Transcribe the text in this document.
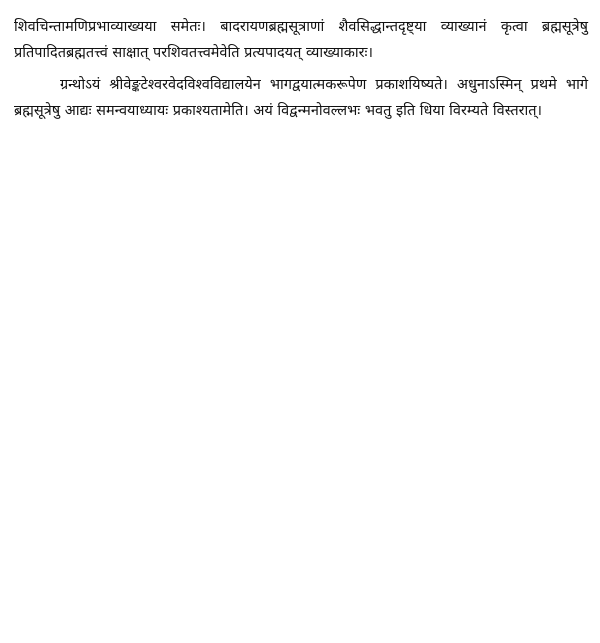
शिवचिन्तामणिप्रभाव्याख्यया समेतः। बादरायणब्रह्मसूत्राणां शैवसिद्धान्तदृष्ट्या व्याख्यानं कृत्वा ब्रह्मसूत्रेषु प्रतिपादितब्रह्मतत्त्वं साक्षात् परशिवतत्त्वमेवेति प्रत्यपादयत् व्याख्याकारः।

ग्रन्थोऽयं श्रीवेङ्कटेश्वरवेदविश्वविद्यालयेन भागद्वयात्मकरूपेण प्रकाशयिष्यते। अधुनाऽस्मिन् प्रथमे भागे ब्रह्मसूत्रेषु आद्यः समन्वयाध्यायः प्रकाश्यतामेति। अयं विद्वन्मनोवल्लभः भवतु इति धिया विरम्यते विस्तरात्।
